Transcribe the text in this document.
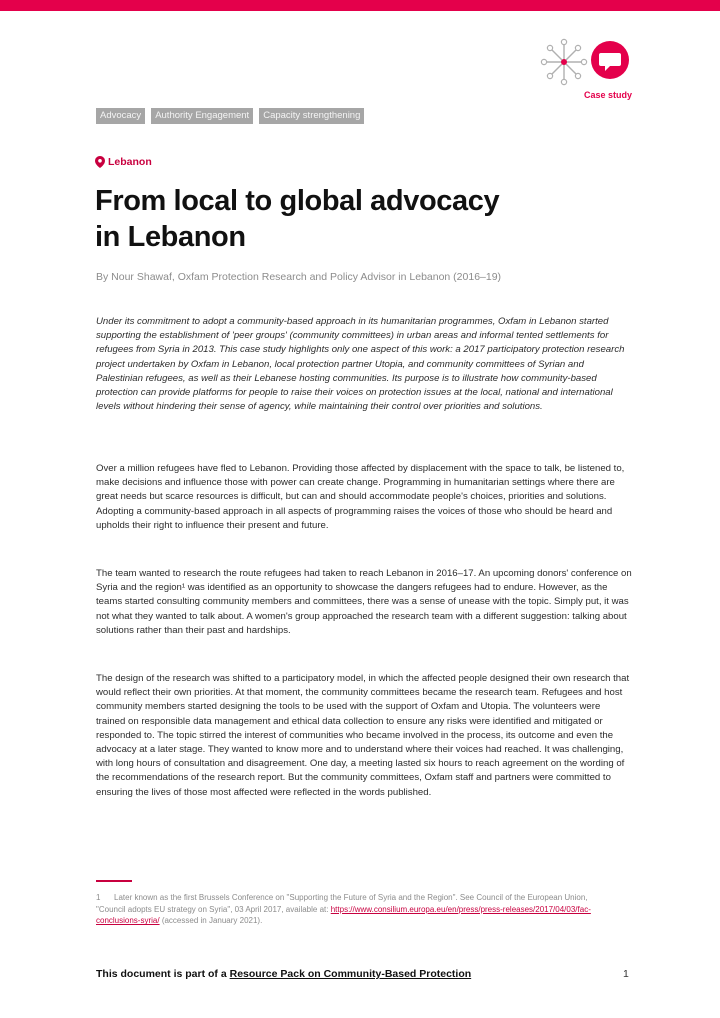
Case study
Advocacy	Authority Engagement	Capacity strengthening
Lebanon
From local to global advocacy
in Lebanon
By Nour Shawaf, Oxfam Protection Research and Policy Advisor in Lebanon (2016–19)

Under its commitment to adopt a community-based approach in its humanitarian programmes, Oxfam in Lebanon started supporting the establishment of 'peer groups' (community committees) in urban areas and informal tented settlements for refugees from Syria in 2013. This case study highlights only one aspect of this work: a 2017 participatory protection research project undertaken by Oxfam in Lebanon, local protection partner Utopia, and community committees of Syrian and Palestinian refugees, as well as their Lebanese hosting communities. Its purpose is to illustrate how community-based protection can provide platforms for people to raise their voices on protection issues at the local, national and international levels without hindering their sense of agency, while maintaining their control over priorities and solutions.

Over a million refugees have fled to Lebanon. Providing those affected by displacement with the space to talk, be listened to, make decisions and influence those with power can create change. Programming in humanitarian settings where there are great needs but scarce resources is difficult, but can and should accommodate people's choices, priorities and solutions. Adopting a community-based approach in all aspects of programming raises the voices of those who should be heard and upholds their right to influence their present and future.

The team wanted to research the route refugees had taken to reach Lebanon in 2016–17. An upcoming donors' conference on Syria and the region¹ was identified as an opportunity to showcase the dangers refugees had to endure. However, as the teams started consulting community members and committees, there was a sense of unease with the topic. Simply put, it was not what they wanted to talk about. A women's group approached the research team with a different suggestion: talking about solutions rather than their past and hardships.

The design of the research was shifted to a participatory model, in which the affected people designed their own research that would reflect their own priorities. At that moment, the community committees became the research team. Refugees and host community members started designing the tools to be used with the support of Oxfam and Utopia. The volunteers were trained on responsible data management and ethical data collection to ensure any risks were identified and mitigated or responded to. The topic stirred the interest of communities who became involved in the process, its outcome and even the advocacy at a later stage. They wanted to know more and to understand where their voices had reached. It was challenging, with long hours of consultation and disagreement. One day, a meeting lasted six hours to reach agreement on the wording of the recommendations of the research report. But the community committees, Oxfam staff and partners were committed to ensuring the lives of those most affected were reflected in the words published.

1 Later known as the first Brussels Conference on "Supporting the Future of Syria and the Region". See Council of the European Union, "Council adopts EU strategy on Syria", 03 April 2017, available at: https://www.consilium.europa.eu/en/press/press-releases/2017/04/03/fac-conclusions-syria/ (accessed in January 2021).

This document is part of a Resource Pack on Community-Based Protection	1
